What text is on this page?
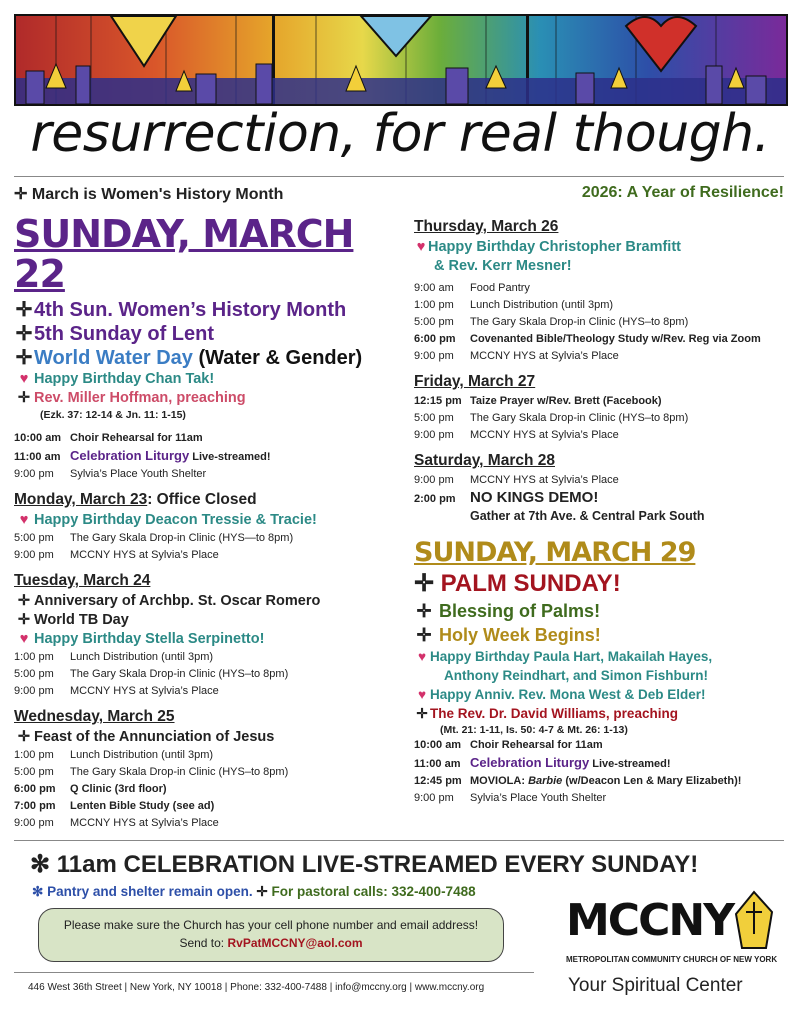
resurrection, for real though.
✛ March is Women's History Month	2026: A Year of Resilience!
SUNDAY, MARCH 22
✛4th Sun. Women’s History Month
✛5th Sunday of Lent
✛World Water Day (Water & Gender)
♥ Happy Birthday Chan Tak!
✛ Rev. Miller Hoffman, preaching
(Ezk. 37: 12-14 & Jn. 11: 1-15)
10:00 am Choir Rehearsal for 11am
11:00 am Celebration Liturgy Live-streamed!
9:00 pm Sylvia’s Place Youth Shelter
Monday, March 23: Office Closed
♥ Happy Birthday Deacon Tressie & Tracie!
5:00 pm The Gary Skala Drop-in Clinic (HYS—to 8pm)
9:00 pm MCCNY HYS at Sylvia’s Place
Tuesday, March 24
✛ Anniversary of Archbp. St. Oscar Romero
✛ World TB Day
♥ Happy Birthday Stella Serpinetto!
1:00 pm Lunch Distribution (until 3pm)
5:00 pm The Gary Skala Drop-in Clinic (HYS–to 8pm)
9:00 pm MCCNY HYS at Sylvia’s Place
Wednesday, March 25
✛ Feast of the Annunciation of Jesus
1:00 pm Lunch Distribution (until 3pm)
5:00 pm The Gary Skala Drop-in Clinic (HYS–to 8pm)
6:00 pm Q Clinic (3rd floor)
7:00 pm Lenten Bible Study (see ad)
9:00 pm MCCNY HYS at Sylvia’s Place
Thursday, March 26
♥ Happy Birthday Christopher Bramfitt
& Rev. Kerr Mesner!
9:00 am Food Pantry
1:00 pm Lunch Distribution (until 3pm)
5:00 pm The Gary Skala Drop-in Clinic (HYS–to 8pm)
6:00 pm Covenanted Bible/Theology Study w/Rev. Reg via Zoom
9:00 pm MCCNY HYS at Sylvia’s Place
Friday, March 27
12:15 pm Taize Prayer w/Rev. Brett (Facebook)
5:00 pm The Gary Skala Drop-in Clinic (HYS–to 8pm)
9:00 pm MCCNY HYS at Sylvia’s Place
Saturday, March 28
9:00 pm MCCNY HYS at Sylvia’s Place
2:00 pm NO KINGS DEMO!
Gather at 7th Ave. & Central Park South
SUNDAY, MARCH 29
✛ PALM SUNDAY!
✛ Blessing of Palms!
✛ Holy Week Begins!
♥ Happy Birthday Paula Hart, Makailah Hayes,
Anthony Reindhart, and Simon Fishburn!
♥ Happy Anniv. Rev. Mona West & Deb Elder!
✛ The Rev. Dr. David Williams, preaching
(Mt. 21: 1-11, Is. 50: 4-7 & Mt. 26: 1-13)
10:00 am Choir Rehearsal for 11am
11:00 am Celebration Liturgy Live-streamed!
12:45 pm MOVIOLA: Barbie (w/Deacon Len & Mary Elizabeth)!
9:00 pm Sylvia’s Place Youth Shelter
✻ 11am CELEBRATION LIVE-STREAMED EVERY SUNDAY!
✻ Pantry and shelter remain open. ✛ For pastoral calls: 332-400-7488
Please make sure the Church has your cell phone number and email address!
Send to: RvPatMCCNY@aol.com
446 West 36th Street | New York, NY 10018 | Phone: 332-400-7488 | info@mccny.org | www.mccny.org
MCCNY
METROPOLITAN COMMUNITY CHURCH OF NEW YORK
Your Spiritual Center
